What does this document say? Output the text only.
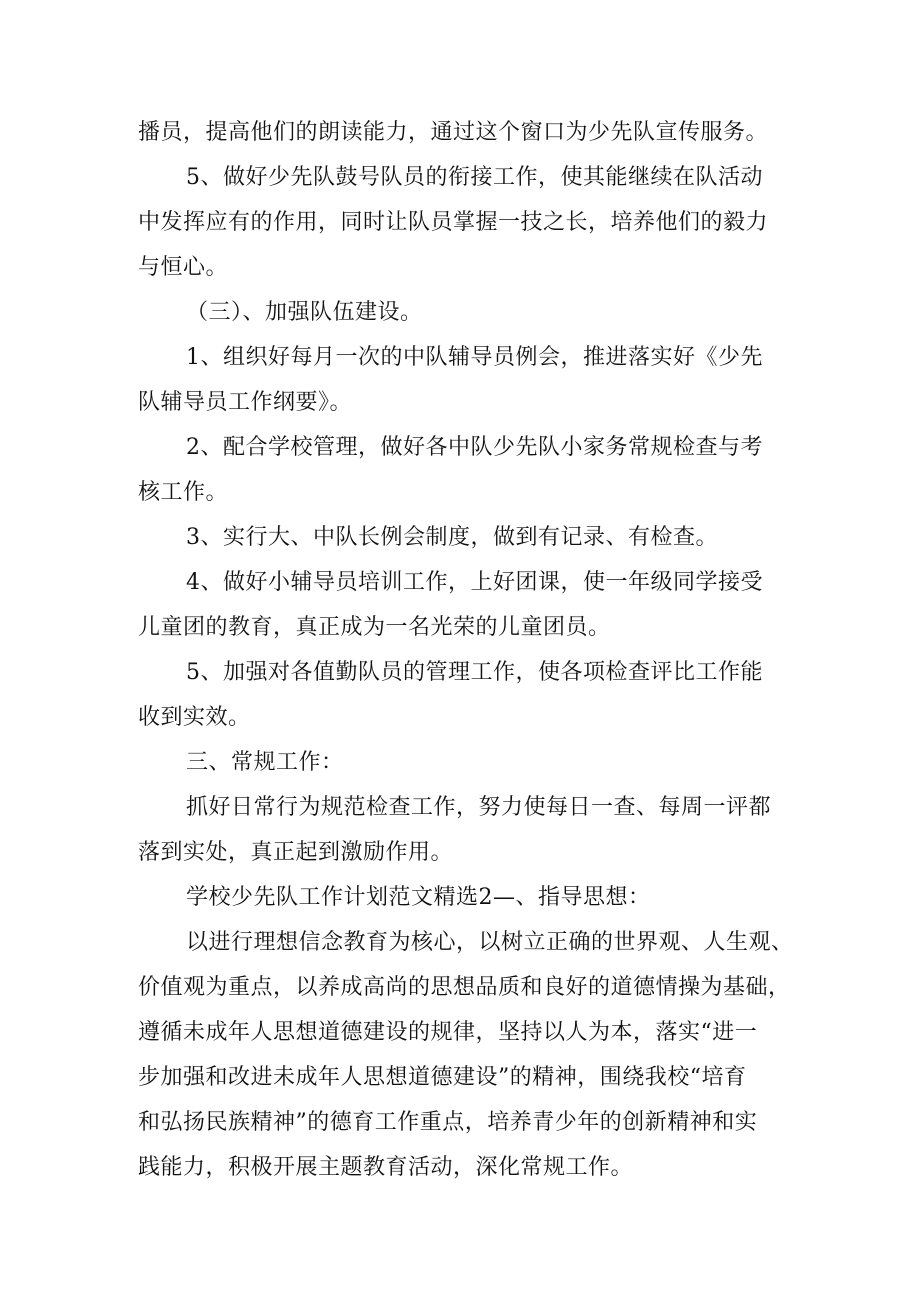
播员，提高他们的朗读能力，通过这个窗口为少先队宣传服务。
5、做好少先队鼓号队员的衔接工作，使其能继续在队活动
中发挥应有的作用，同时让队员掌握一技之长，培养他们的毅力
与恒心。
（三）、加强队伍建设。
1、组织好每月一次的中队辅导员例会，推进落实好《少先
队辅导员工作纲要》。
2、配合学校管理，做好各中队少先队小家务常规检查与考
核工作。
3、实行大、中队长例会制度，做到有记录、有检查。
4、做好小辅导员培训工作，上好团课，使一年级同学接受
儿童团的教育，真正成为一名光荣的儿童团员。
5、加强对各值勤队员的管理工作，使各项检查评比工作能
收到实效。
三、常规工作：
抓好日常行为规范检查工作，努力使每日一查、每周一评都
落到实处，真正起到激励作用。
学校少先队工作计划范文精选2—、指导思想：
以进行理想信念教育为核心，以树立正确的世界观、人生观、
价值观为重点，以养成高尚的思想品质和良好的道德情操为基础，
遵循未成年人思想道德建设的规律，坚持以人为本，落实“进一
步加强和改进未成年人思想道德建设”的精神，围绕我校“培育
和弘扬民族精神”的德育工作重点，培养青少年的创新精神和实
践能力，积极开展主题教育活动，深化常规工作。
